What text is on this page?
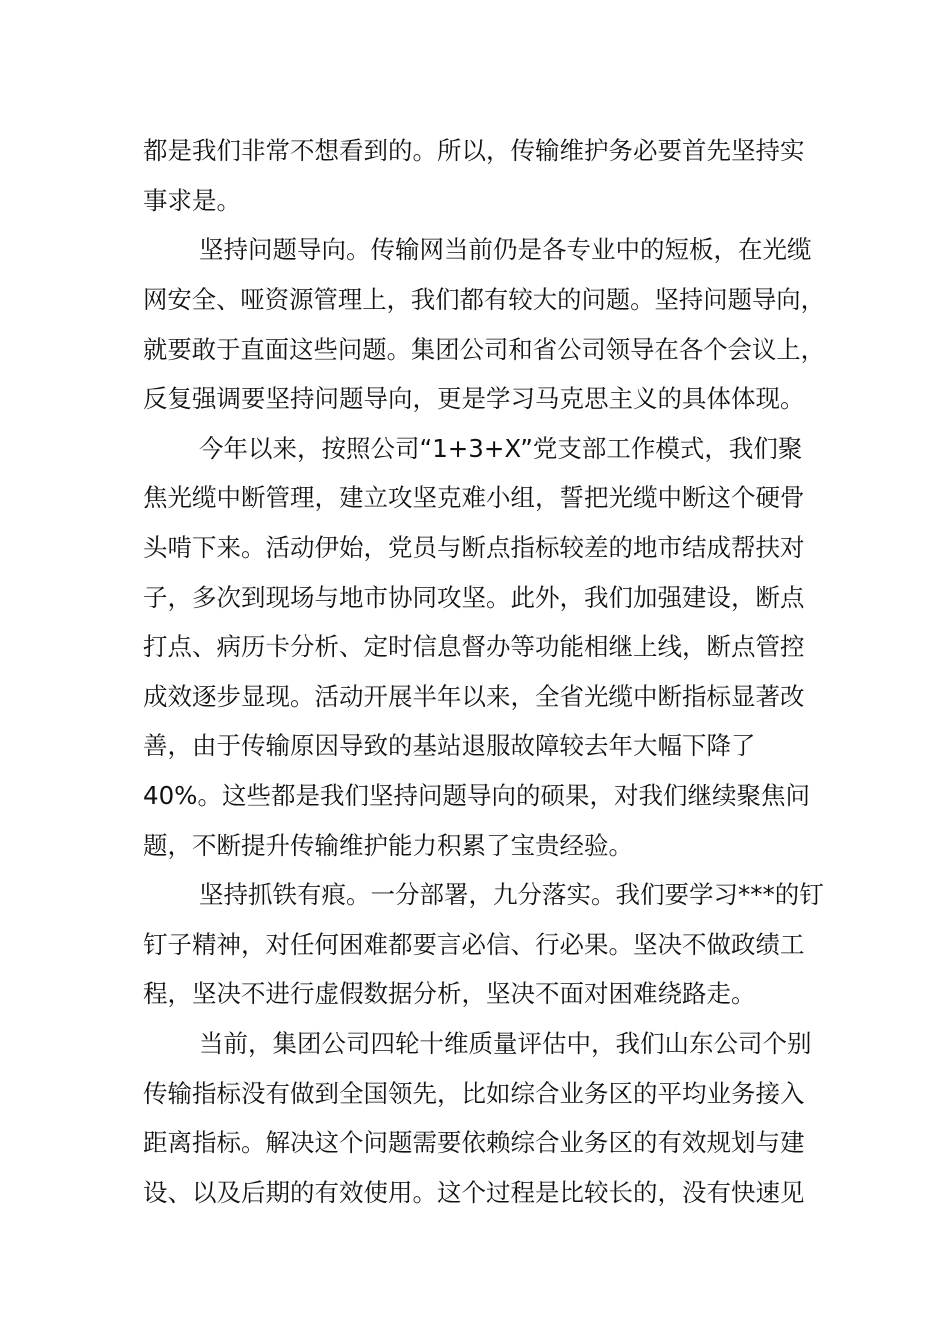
都是我们非常不想看到的。所以，传输维护务必要首先坚持实
事求是。
坚持问题导向。传输网当前仍是各专业中的短板，在光缆
网安全、哑资源管理上，我们都有较大的问题。坚持问题导向，
就要敢于直面这些问题。集团公司和省公司领导在各个会议上，
反复强调要坚持问题导向，更是学习马克思主义的具体体现。
今年以来，按照公司“1+3+X”党支部工作模式，我们聚
焦光缆中断管理，建立攻坚克难小组，誓把光缆中断这个硬骨
头啃下来。活动伊始，党员与断点指标较差的地市结成帮扶对
子，多次到现场与地市协同攻坚。此外，我们加强建设，断点
打点、病历卡分析、定时信息督办等功能相继上线，断点管控
成效逐步显现。活动开展半年以来，全省光缆中断指标显著改
善，由于传输原因导致的基站退服故障较去年大幅下降了
40%。这些都是我们坚持问题导向的硕果，对我们继续聚焦问
题，不断提升传输维护能力积累了宝贵经验。
坚持抓铁有痕。一分部署，九分落实。我们要学习***的钉
钉子精神，对任何困难都要言必信、行必果。坚决不做政绩工
程，坚决不进行虚假数据分析，坚决不面对困难绕路走。
当前，集团公司四轮十维质量评估中，我们山东公司个别
传输指标没有做到全国领先，比如综合业务区的平均业务接入
距离指标。解决这个问题需要依赖综合业务区的有效规划与建
设、以及后期的有效使用。这个过程是比较长的，没有快速见
